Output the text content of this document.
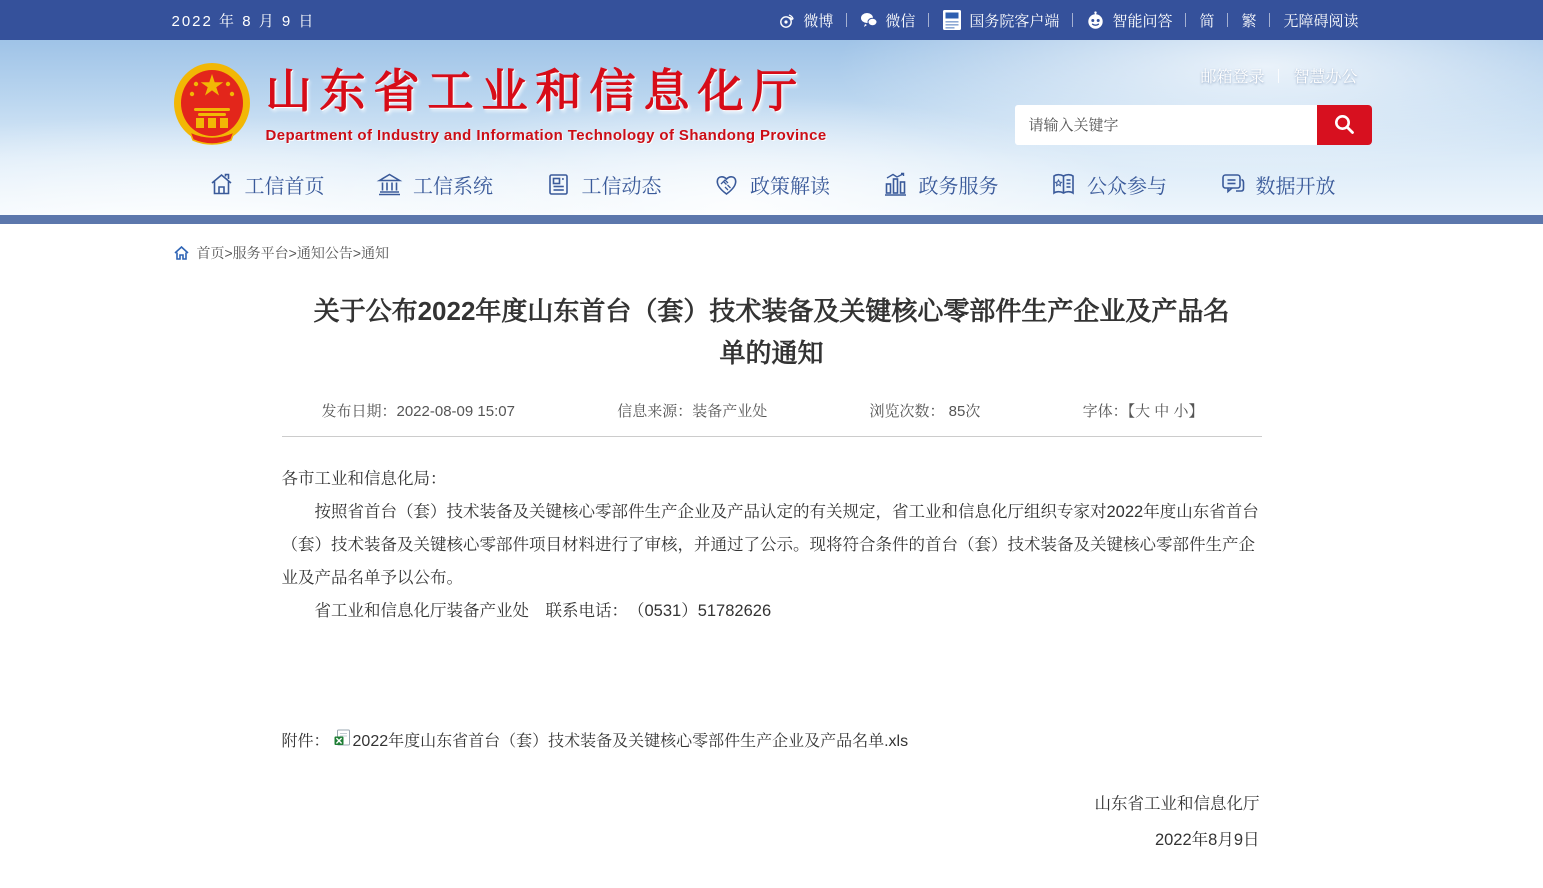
2022 年 8 月 9 日	微博	微信	国务院客户端	智能问答 简 繁 无障碍阅读
山东省工业和信息化厅
Department of Industry and Information Technology of Shandong Province
邮箱登录	智慧办公
请输入关键字
工信首页	工信系统	工信动态	政策解读	政务服务	公众参与	数据开放
首页>服务平台>通知公告>通知
关于公布2022年度山东首台（套）技术装备及关键核心零部件生产企业及产品名单的通知
发布日期：2022-08-09 15:07	信息来源：装备产业处	浏览次数： 85次	字体：【大 中 小】

各市工业和信息化局：

按照省首台（套）技术装备及关键核心零部件生产企业及产品认定的有关规定，省工业和信息化厅组织专家对2022年度山东省首台（套）技术装备及关键核心零部件项目材料进行了审核，并通过了公示。现将符合条件的首台（套）技术装备及关键核心零部件生产企业及产品名单予以公布。

省工业和信息化厅装备产业处　联系电话：　（0531）51782626

附件： 2022年度山东省首台（套）技术装备及关键核心零部件生产企业及产品名单.xls
山东省工业和信息化厅
2022年8月9日
